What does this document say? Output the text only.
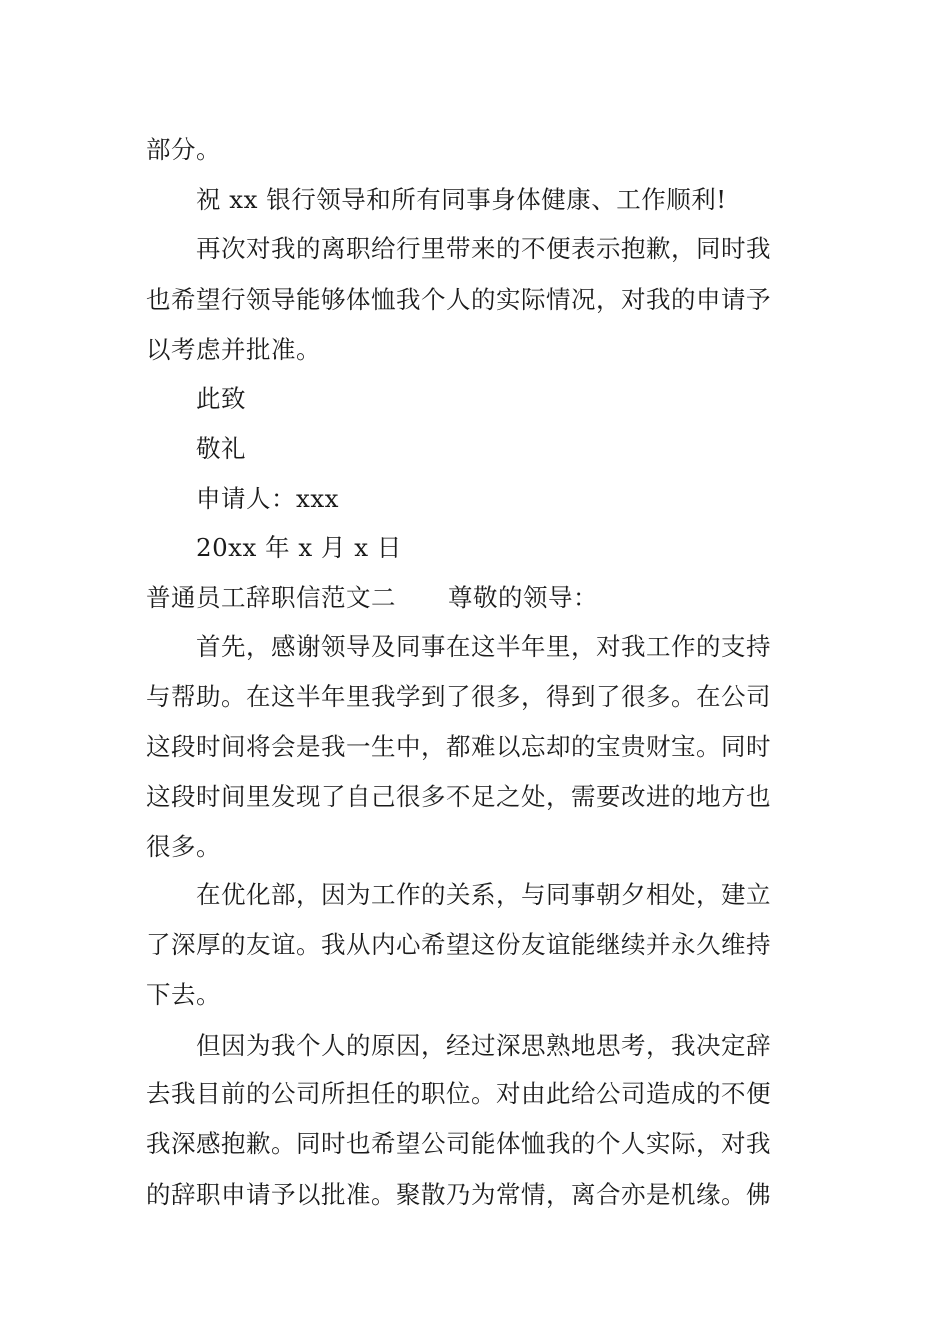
部分。
祝 xx 银行领导和所有同事身体健康、工作顺利!
再次对我的离职给行里带来的不便表示抱歉，同时我
也希望行领导能够体恤我个人的实际情况，对我的申请予
以考虑并批准。
此致
敬礼
申请人：xxx
20xx 年 x 月 x 日
普通员工辞职信范文二 尊敬的领导：
首先，感谢领导及同事在这半年里，对我工作的支持
与帮助。在这半年里我学到了很多，得到了很多。在公司
这段时间将会是我一生中，都难以忘却的宝贵财宝。同时
这段时间里发现了自己很多不足之处，需要改进的地方也
很多。
在优化部，因为工作的关系，与同事朝夕相处，建立
了深厚的友谊。我从内心希望这份友谊能继续并永久维持
下去。
但因为我个人的原因，经过深思熟地思考，我决定辞
去我目前的公司所担任的职位。对由此给公司造成的不便
我深感抱歉。同时也希望公司能体恤我的个人实际，对我
的辞职申请予以批准。聚散乃为常情，离合亦是机缘。佛
